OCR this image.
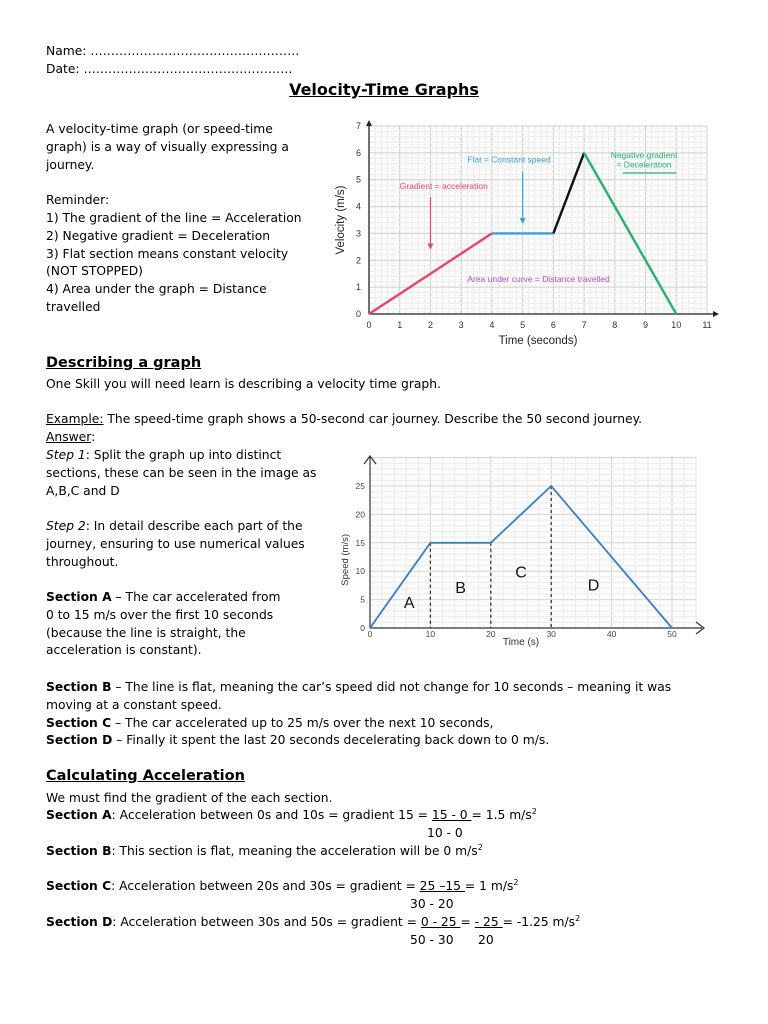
Name: ……………………………………………
Date: ……………………………………………
Velocity-Time Graphs
A velocity-time graph (or speed-time
graph) is a way of visually expressing a
journey.
Reminder:
1) The gradient of the line = Acceleration
2) Negative gradient = Deceleration
3) Flat section means constant velocity
(NOT STOPPED)
4) Area under the graph = Distance
travelled
0	1	2	3	4	5	6	7	8	9	10 11
0
1
2
3
4
5
6
7
Time (seconds)
Velocity (m/s)	Gradient = acceleration
Flat = Constant speed	Negative gradient
= Deceleration
Area under curve = Distance travelled
Describing a graph
One Skill you will need learn is describing a velocity time graph.
Example: The speed-time graph shows a 50-second car journey. Describe the 50 second journey.
Answer:
Step 1: Split the graph up into distinct
sections, these can be seen in the image as
A,B,C and D
Step 2: In detail describe each part of the
journey, ensuring to use numerical values
throughout.
Section A – The car accelerated from
0 to 15 m/s over the first 10 seconds
(because the line is straight, the
acceleration is constant).
0	10	20	30	40	50
0
5
10
15
20
25
Time (s)
Speed (m/s)
A
B
C
D
Section B – The line is flat, meaning the car’s speed did not change for 10 seconds – meaning it was
moving at a constant speed.
Section C – The car accelerated up to 25 m/s over the next 10 seconds,
Section D – Finally it spent the last 20 seconds decelerating back down to 0 m/s.
Calculating Acceleration
We must find the gradient of the each section.
Section A: Acceleration between 0s and 10s = gradient 15 = 15 - 0 = 1.5 $m/s^2$
10 - 0
Section B: This section is flat, meaning the acceleration will be 0 $m/s^2$
Section C: Acceleration between 20s and 30s = gradient = 25 –15 = 1 $m/s^2$
30 - 20
Section D: Acceleration between 30s and 50s = gradient = 0 - 25 = - 25 = -1.25 $m/s^2$
50 - 30 20
